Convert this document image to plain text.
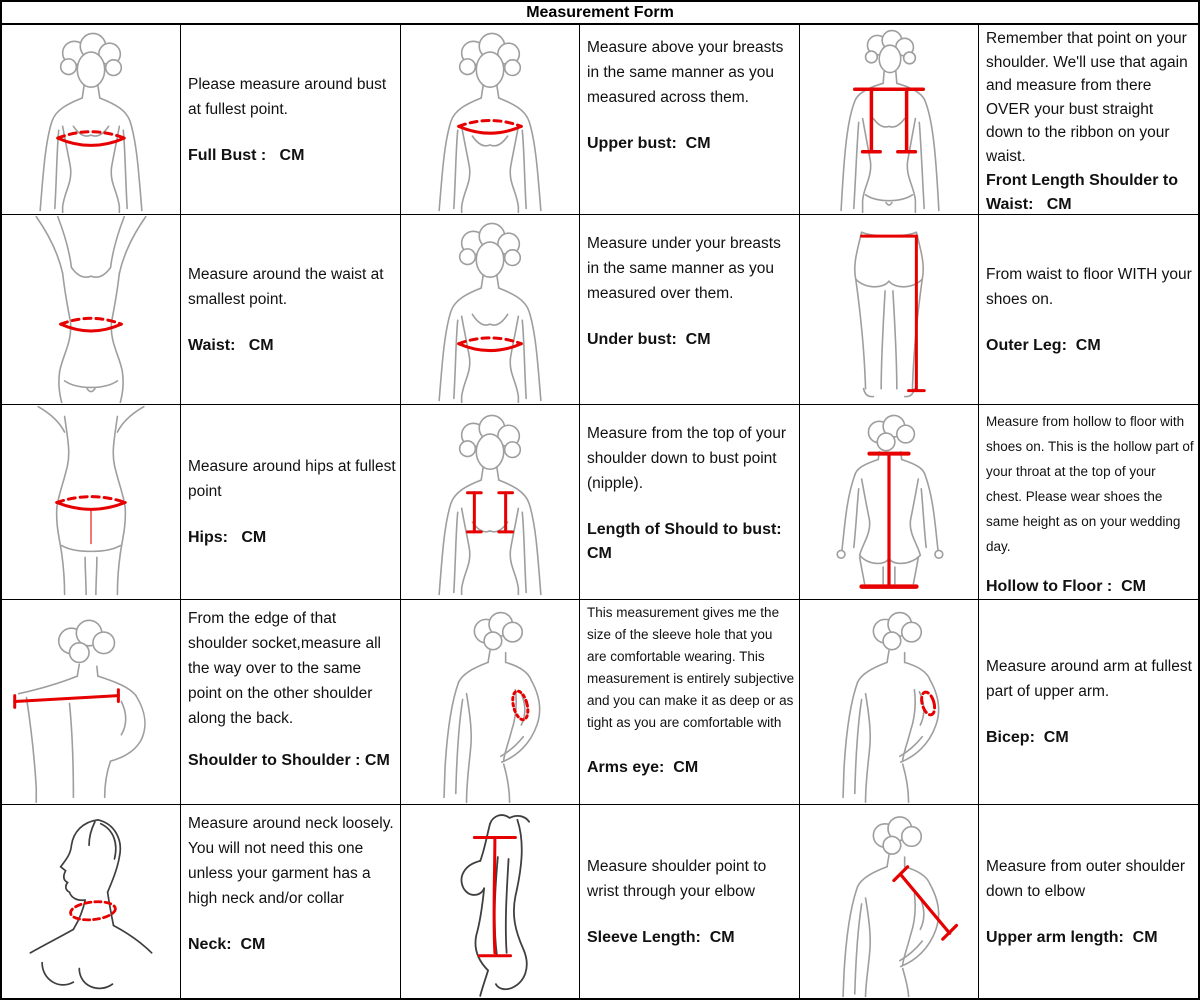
Measurement Form
Please measure around bust at fullest point.
Full Bust :   CM
Measure above your breasts in the same manner as you measured across them.
Upper bust:  CM
Remember that point on your shoulder. We'll use that again and measure from there OVER your bust straight down to the ribbon on your waist.
Front Length Shoulder to Waist:   CM
Measure around the waist at smallest point.
Waist:   CM
Measure under your breasts in the same manner as you measured over them.
Under bust:  CM
From waist to floor WITH your shoes on.
Outer Leg:  CM
Measure around hips at fullest point
Hips:   CM
Measure from the top of your shoulder down to bust point (nipple).
Length of Should to bust:  CM
Measure from hollow to floor with shoes on. This is the hollow part of your throat at the top of your chest. Please wear shoes the same height as on your wedding day.
Hollow to Floor :  CM
From the edge of that shoulder socket,measure all the way over to the same point on the other shoulder along the back.
Shoulder to Shoulder : CM
This measurement gives me the size of the sleeve hole that you are comfortable wearing. This measurement is entirely subjective and you can make it as deep or as tight as you are comfortable with
Arms eye:  CM
Measure around arm at fullest part of upper arm.
Bicep:  CM
Measure around neck loosely. You will not need this one unless your garment has a high neck and/or collar
Neck:  CM
Measure shoulder point to wrist through your elbow
Sleeve Length:  CM
Measure from outer shoulder down to elbow
Upper arm length:  CM
